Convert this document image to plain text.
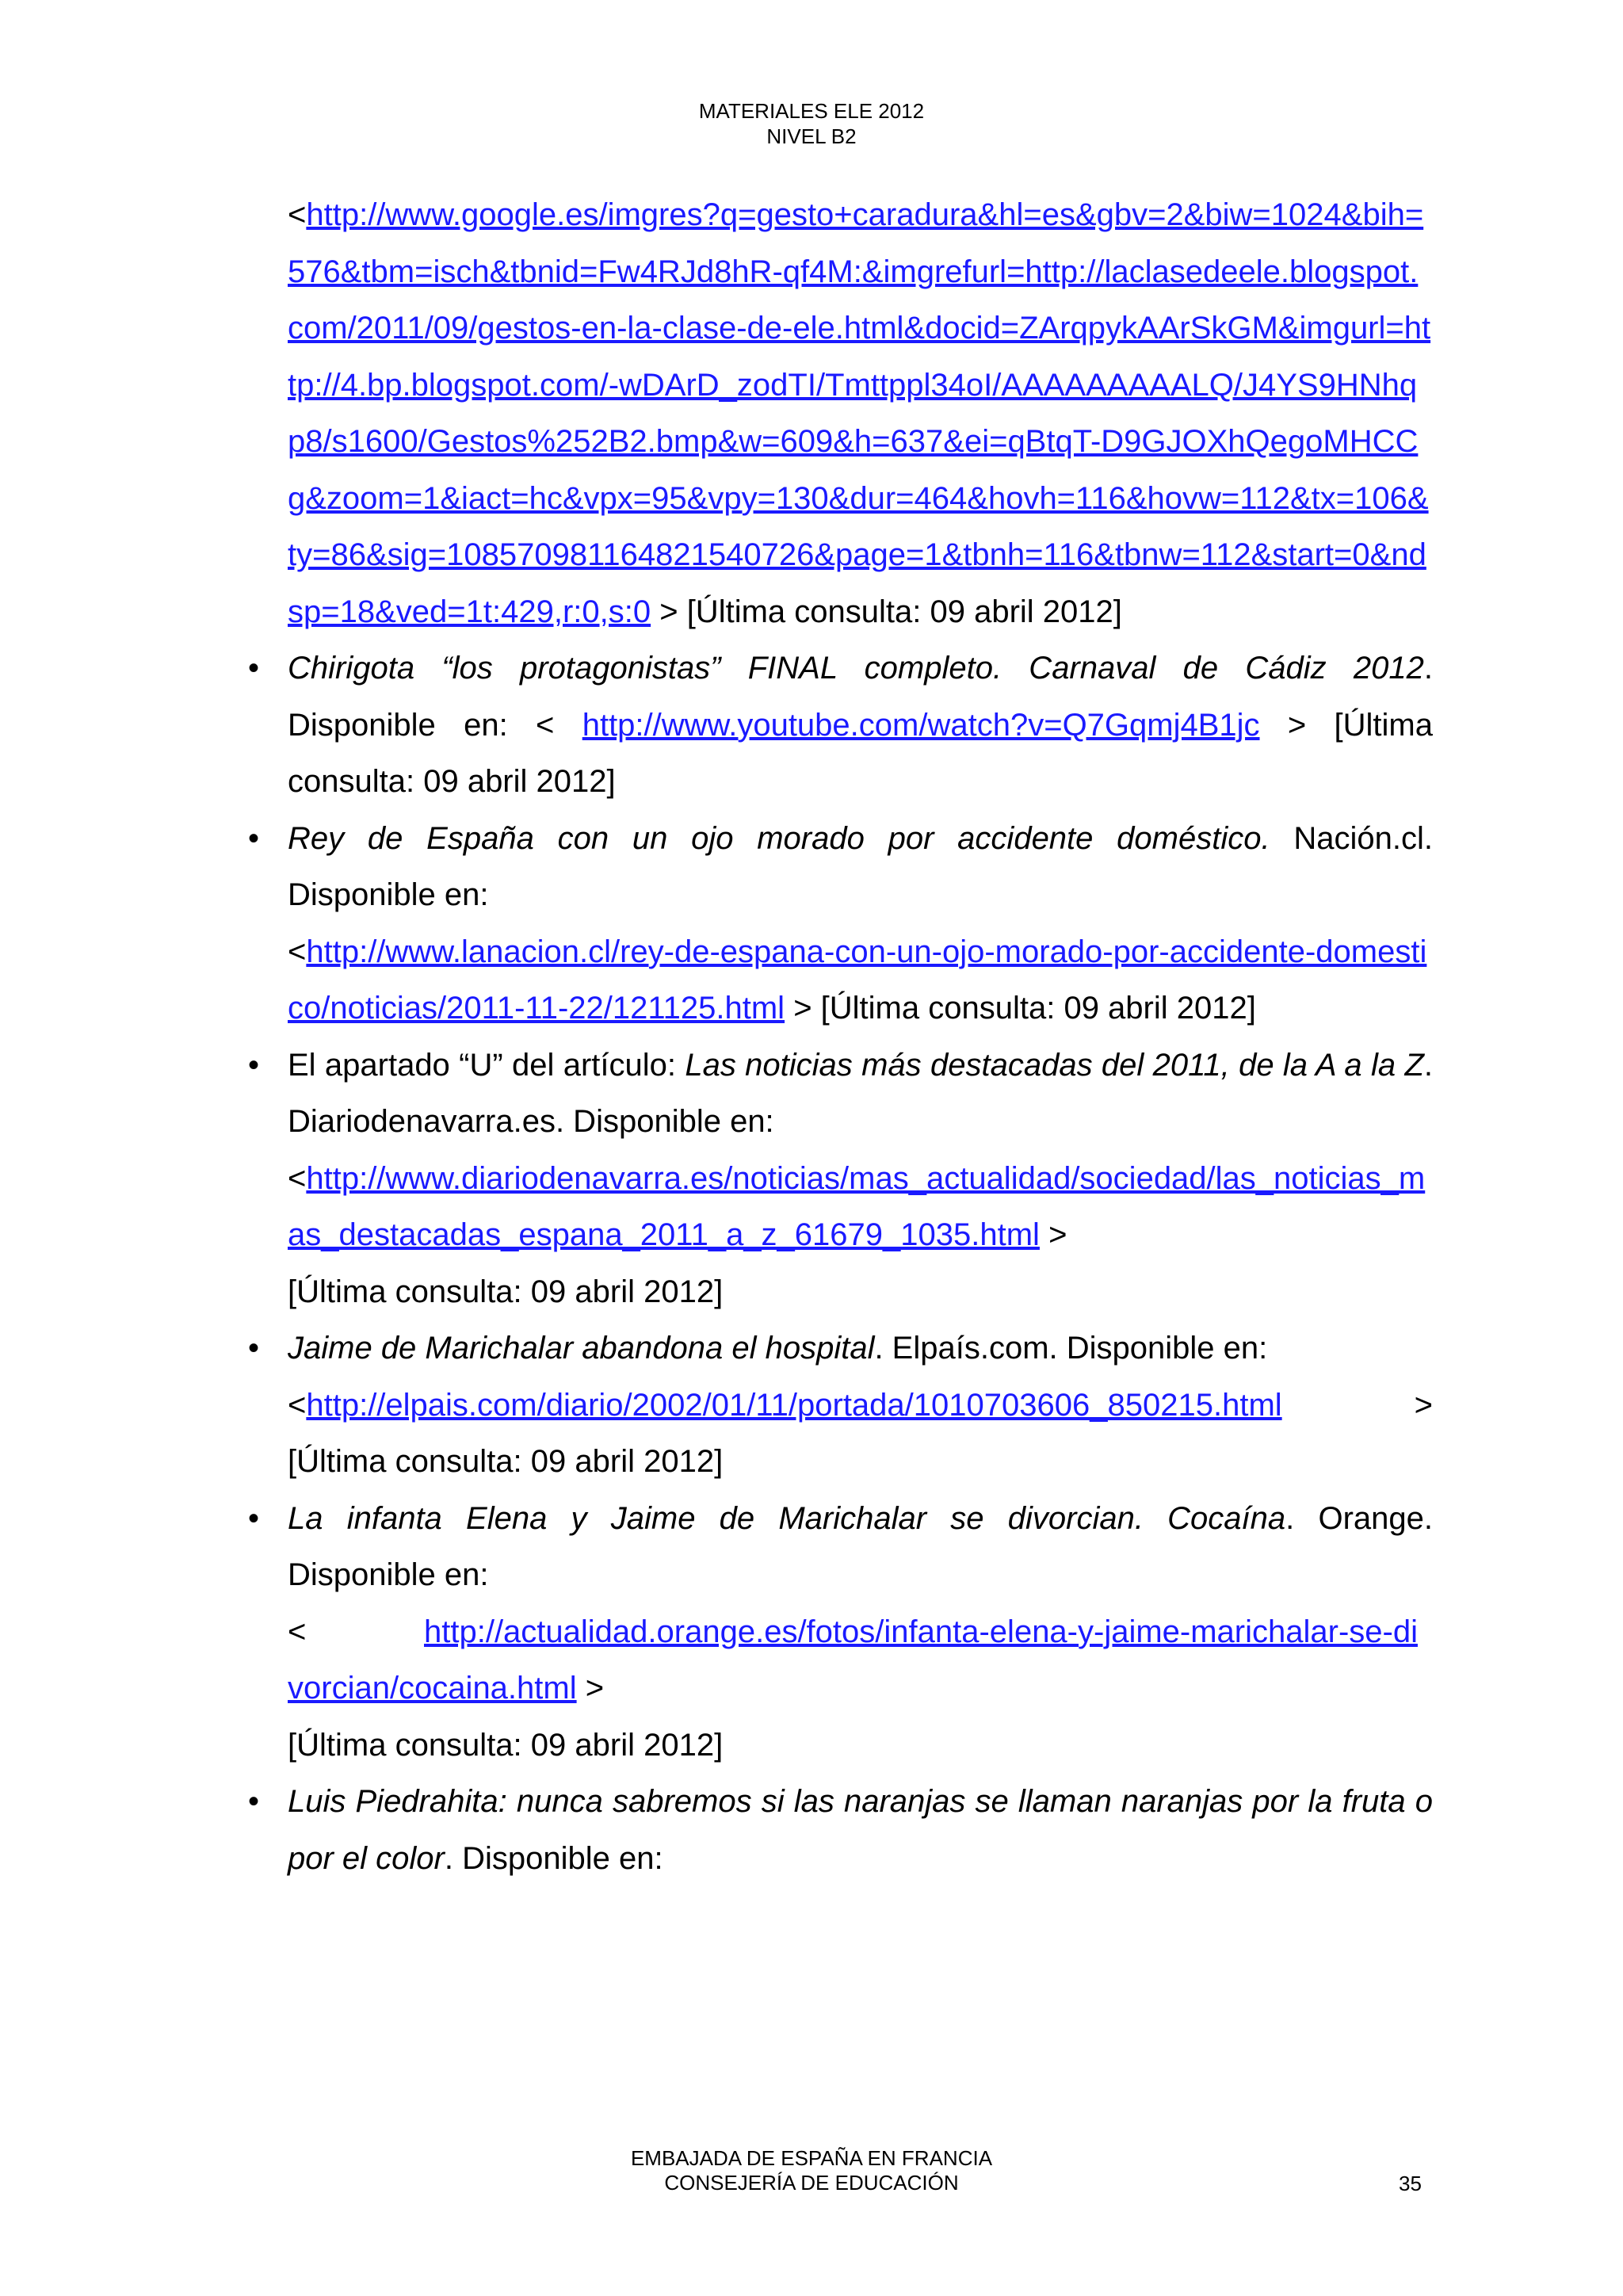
MATERIALES ELE 2012
NIVEL B2

<http://www.google.es/imgres?q=gesto+caradura&hl=es&gbv=2&biw=1024&bih=576&tbm=isch&tbnid=Fw4RJd8hR-qf4M:&imgrefurl=http://laclasedeele.blogspot.com/2011/09/gestos-en-la-clase-de-ele.html&docid=ZArqpykAArSkGM&imgurl=http://4.bp.blogspot.com/-wDArD_zodTI/Tmttppl34oI/AAAAAAAAALQ/J4YS9HNhqp8/s1600/Gestos%252B2.bmp&w=609&h=637&ei=qBtqT-D9GJOXhQegoMHCCg&zoom=1&iact=hc&vpx=95&vpy=130&dur=464&hovh=116&hovw=112&tx=106&ty=86&sig=108570981164821540726&page=1&tbnh=116&tbnw=112&start=0&ndsp=18&ved=1t:429,r:0,s:0 > [Última consulta: 09 abril 2012]

• Chirigota “los protagonistas” FINAL completo. Carnaval de Cádiz 2012. Disponible en: < http://www.youtube.com/watch?v=Q7Gqmj4B1jc > [Última consulta: 09 abril 2012]
• Rey de España con un ojo morado por accidente doméstico. Nación.cl. Disponible en:
<http://www.lanacion.cl/rey-de-espana-con-un-ojo-morado-por-accidente-domestico/noticias/2011-11-22/121125.html > [Última consulta: 09 abril 2012]
• El apartado “U” del artículo: Las noticias más destacadas del 2011, de la A a la Z. Diariodenavarra.es. Disponible en:
<http://www.diariodenavarra.es/noticias/mas_actualidad/sociedad/las_noticias_mas_destacadas_espana_2011_a_z_61679_1035.html >
[Última consulta: 09 abril 2012]
• Jaime de Marichalar abandona el hospital. Elpaís.com. Disponible en:

>
<http://elpais.com/diario/2002/01/11/portada/1010703606_850215.html
[Última consulta: 09 abril 2012]
• La infanta Elena y Jaime de Marichalar se divorcian. Cocaína. Orange. Disponible en:
<	http://actualidad.orange.es/fotos/infanta-elena-y-jaime-marichalar-se-divorcian/cocaina.html >
[Última consulta: 09 abril 2012]
• Luis Piedrahita: nunca sabremos si las naranjas se llaman naranjas por la fruta o por el color. Disponible en:
EMBAJADA DE ESPAÑA EN FRANCIA
CONSEJERÍA DE EDUCACIÓN	35
